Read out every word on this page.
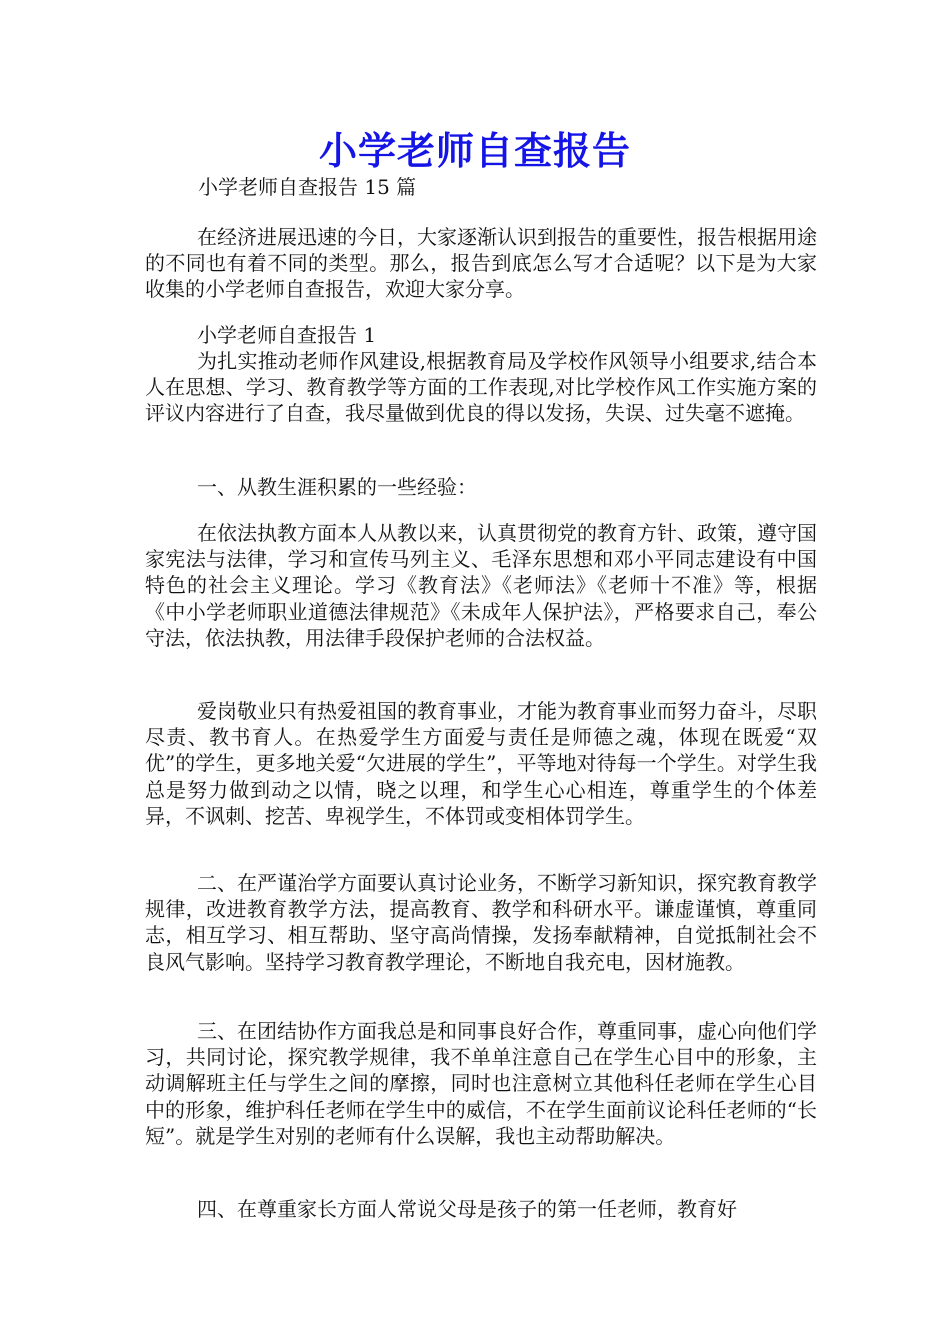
小学老师自查报告
小学老师自查报告 15 篇
在经济进展迅速的今日，大家逐渐认识到报告的重要性，报告根据用途的不同也有着不同的类型。那么，报告到底怎么写才合适呢？以下是为大家收集的小学老师自查报告，欢迎大家分享。
小学老师自查报告 1
为扎实推动老师作风建设,根据教育局及学校作风领导小组要求,结合本人在思想、学习、教育教学等方面的工作表现,对比学校作风工作实施方案的评议内容进行了自查，我尽量做到优良的得以发扬，失误、过失毫不遮掩。
一、从教生涯积累的一些经验：
在依法执教方面本人从教以来，认真贯彻党的教育方针、政策，遵守国家宪法与法律，学习和宣传马列主义、毛泽东思想和邓小平同志建设有中国特色的社会主义理论。学习《教育法》《老师法》《老师十不准》等，根据《中小学老师职业道德法律规范》《未成年人保护法》，严格要求自己，奉公守法，依法执教，用法律手段保护老师的合法权益。
爱岗敬业只有热爱祖国的教育事业，才能为教育事业而努力奋斗，尽职尽责、教书育人。在热爱学生方面爱与责任是师德之魂，体现在既爱“双优”的学生，更多地关爱“欠进展的学生”，平等地对待每一个学生。对学生我总是努力做到动之以情，晓之以理，和学生心心相连，尊重学生的个体差异，不讽刺、挖苦、卑视学生，不体罚或变相体罚学生。
二、在严谨治学方面要认真讨论业务，不断学习新知识，探究教育教学规律，改进教育教学方法，提高教育、教学和科研水平。谦虚谨慎，尊重同志，相互学习、相互帮助、坚守高尚情操，发扬奉献精神，自觉抵制社会不良风气影响。坚持学习教育教学理论，不断地自我充电，因材施教。
三、在团结协作方面我总是和同事良好合作，尊重同事，虚心向他们学习，共同讨论，探究教学规律，我不单单注意自己在学生心目中的形象，主动调解班主任与学生之间的摩擦，同时也注意树立其他科任老师在学生心目中的形象，维护科任老师在学生中的威信，不在学生面前议论科任老师的“长短”。就是学生对别的老师有什么误解，我也主动帮助解决。
四、在尊重家长方面人常说父母是孩子的第一任老师，教育好
